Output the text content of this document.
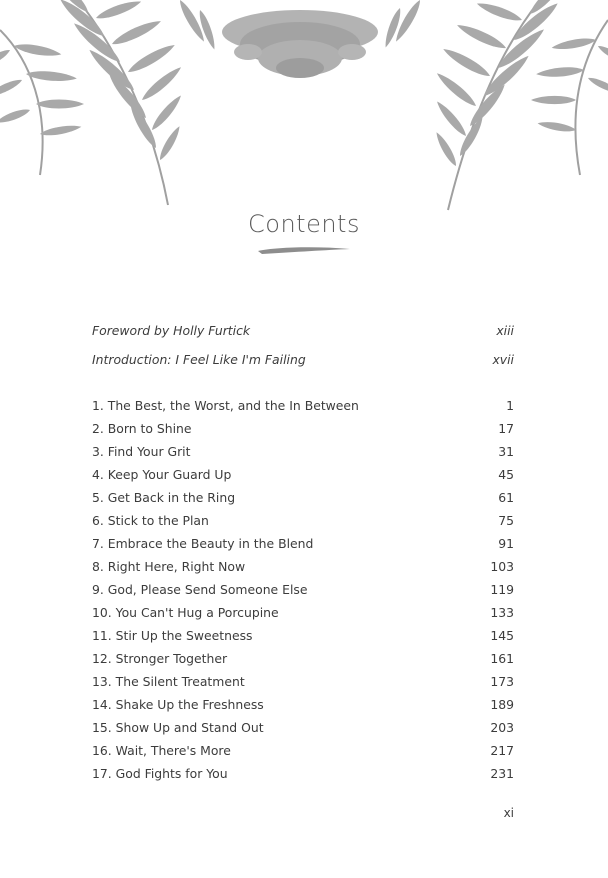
Contents
Foreword by Holly Furtick	xiii
Introduction: I Feel Like I'm Failing	xvii
1. The Best, the Worst, and the In Between	1
2. Born to Shine	17
3. Find Your Grit	31
4. Keep Your Guard Up	45
5. Get Back in the Ring	61
6. Stick to the Plan	75
7. Embrace the Beauty in the Blend	91
8. Right Here, Right Now	103
9. God, Please Send Someone Else	119
10. You Can't Hug a Porcupine	133
11. Stir Up the Sweetness	145
12. Stronger Together	161
13. The Silent Treatment	173
14. Shake Up the Freshness	189
15. Show Up and Stand Out	203
16. Wait, There's More	217
17. God Fights for You	231
xi
